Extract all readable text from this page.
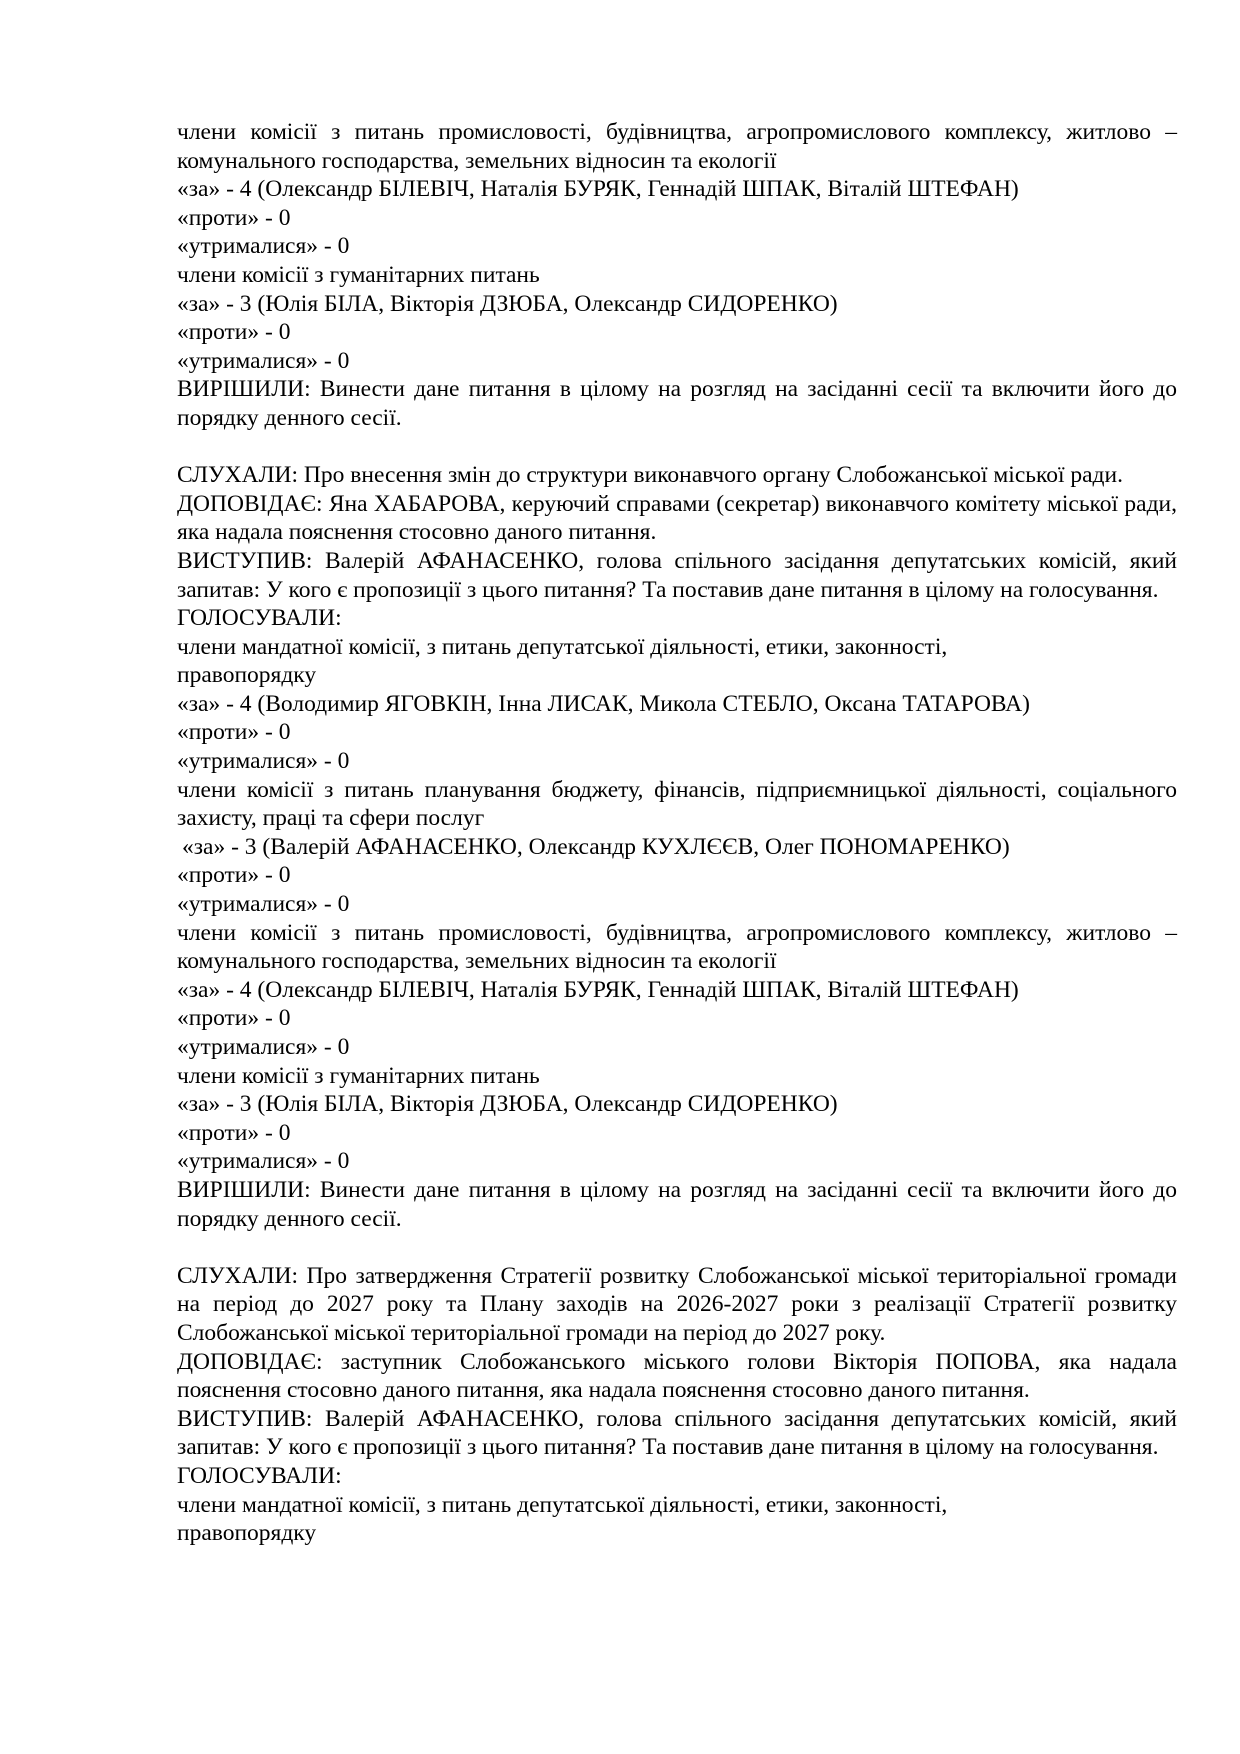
члени комісії з питань промисловості, будівництва, агропромислового комплексу, житлово – комунального господарства, земельних відносин та екології
«за» - 4 (Олександр БІЛЕВІЧ, Наталія БУРЯК, Геннадій ШПАК, Віталій ШТЕФАН)
«проти» - 0
«утрималися» - 0
члени комісії з гуманітарних питань
«за» - 3 (Юлія БІЛА, Вікторія ДЗЮБА, Олександр СИДОРЕНКО)
«проти» - 0
«утрималися» - 0
ВИРІШИЛИ: Винести дане питання в цілому на розгляд на засіданні сесії та включити його до порядку денного сесії.
СЛУХАЛИ: Про внесення змін до структури виконавчого органу Слобожанської міської ради.
ДОПОВІДАЄ: Яна ХАБАРОВА, керуючий справами (секретар) виконавчого комітету міської ради, яка надала пояснення стосовно даного питання.
ВИСТУПИВ: Валерій АФАНАСЕНКО, голова спільного засідання депутатських комісій, який запитав: У кого є пропозиції з цього питання? Та поставив дане питання в цілому на голосування.
ГОЛОСУВАЛИ:
члени мандатної комісії, з питань депутатської діяльності, етики, законності,
правопорядку
«за» - 4 (Володимир ЯГОВКІН, Інна ЛИСАК, Микола СТЕБЛО, Оксана ТАТАРОВА)
«проти» - 0
«утрималися» - 0
члени комісії з питань планування бюджету, фінансів, підприємницької діяльності, соціального захисту, праці та сфери послуг
«за» - 3 (Валерій АФАНАСЕНКО, Олександр КУХЛЄЄВ, Олег ПОНОМАРЕНКО)
«проти» - 0
«утрималися» - 0
члени комісії з питань промисловості, будівництва, агропромислового комплексу, житлово – комунального господарства, земельних відносин та екології
«за» - 4 (Олександр БІЛЕВІЧ, Наталія БУРЯК, Геннадій ШПАК, Віталій ШТЕФАН)
«проти» - 0
«утрималися» - 0
члени комісії з гуманітарних питань
«за» - 3 (Юлія БІЛА, Вікторія ДЗЮБА, Олександр СИДОРЕНКО)
«проти» - 0
«утрималися» - 0
ВИРІШИЛИ: Винести дане питання в цілому на розгляд на засіданні сесії та включити його до порядку денного сесії.
СЛУХАЛИ: Про затвердження Стратегії розвитку Слобожанської міської територіальної громади на період до 2027 року та Плану заходів на 2026-2027 роки з реалізації Стратегії розвитку Слобожанської міської територіальної громади на період до 2027 року.
ДОПОВІДАЄ: заступник Слобожанського міського голови Вікторія ПОПОВА, яка надала пояснення стосовно даного питання, яка надала пояснення стосовно даного питання.
ВИСТУПИВ: Валерій АФАНАСЕНКО, голова спільного засідання депутатських комісій, який запитав: У кого є пропозиції з цього питання? Та поставив дане питання в цілому на голосування.
ГОЛОСУВАЛИ:
члени мандатної комісії, з питань депутатської діяльності, етики, законності,
правопорядку
